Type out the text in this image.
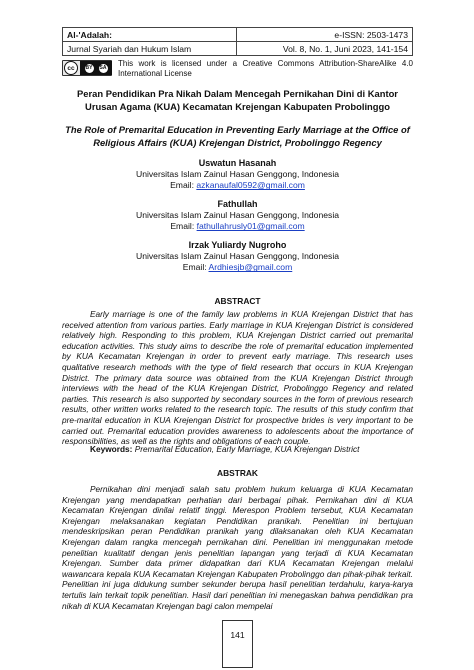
Al-'Adalah:	e-ISSN: 2503-1473
Jurnal Syariah dan Hukum Islam	Vol. 8, No. 1, Juni 2023, 141-154
cc	BY SA This work is licensed under a Creative Commons Attribution-ShareAlike 4.0 International License
Peran Pendidikan Pra Nikah Dalam Mencegah Pernikahan Dini di Kantor Urusan Agama (KUA) Kecamatan Krejengan Kabupaten Probolinggo
The Role of Premarital Education in Preventing Early Marriage at the Office of Religious Affairs (KUA) Krejengan District, Probolinggo Regency
Uswatun Hasanah
Universitas Islam Zainul Hasan Genggong, Indonesia
Email: azkanaufal0592@gmail.com
Fathullah
Universitas Islam Zainul Hasan Genggong, Indonesia
Email: fathullahrusly01@gmail.com
Irzak Yuliardy Nugroho
Universitas Islam Zainul Hasan Genggong, Indonesia
Email: Ardhiesjb@gmail.com
ABSTRACT
Early marriage is one of the family law problems in KUA Krejengan District that has received attention from various parties. Early marriage in KUA Krejengan District is considered relatively high. Responding to this problem, KUA Krejengan District carried out premarital education activities. This study aims to describe the role of premarital education implemented by KUA Kecamatan Krejengan in order to prevent early marriage. This research uses qualitative research methods with the type of field research that occurs in KUA Krejengan District. The primary data source was obtained from the KUA Krejengan District through interviews with the head of the KUA Krejengan District, Probolinggo Regency and related parties. This research is also supported by secondary sources in the form of previous research results, other written works related to the research topic. The results of this study confirm that pre-marital education in KUA Krejengan District for prospective brides is very important to be carried out. Premarital education provides awareness to adolescents about the importance of responsibilities, as well as the rights and obligations of each couple.
Keywords: Premarital Education, Early Marriage, KUA Krejengan District
ABSTRAK
Pernikahan dini menjadi salah satu problem hukum keluarga di KUA Kecamatan Krejengan yang mendapatkan perhatian dari berbagai pihak. Pernikahan dini di KUA Kecamatan Krejengan dinilai relatif tinggi. Merespon Problem tersebut, KUA Kecamatan Krejengan melaksanakan kegiatan Pendidikan pranikah. Penelitian ini bertujuan mendeskripsikan peran Pendidikan pranikah yang dilaksanakan oleh KUA Kecamatan Krejengan dalam rangka mencegah pernikahan dini. Penelitian ini menggunakan metode penelitian kualitatif dengan jenis penelitian lapangan yang terjadi di KUA Kecamatan Krejengan. Sumber data primer didapatkan dari KUA Kecamatan Krejengan melalui wawancara kepala KUA Kecamatan Krejengan Kabupaten Probolinggo dan pihak-pihak terkait. Penelitian ini juga didukung sumber sekunder berupa hasil penelitian terdahulu, karya-karya tertulis lain terkait topik penelitian. Hasil dari penelitian ini menegaskan bahwa pendidikan pra nikah di KUA Kecamatan Krejengan bagi calon mempelai
141
